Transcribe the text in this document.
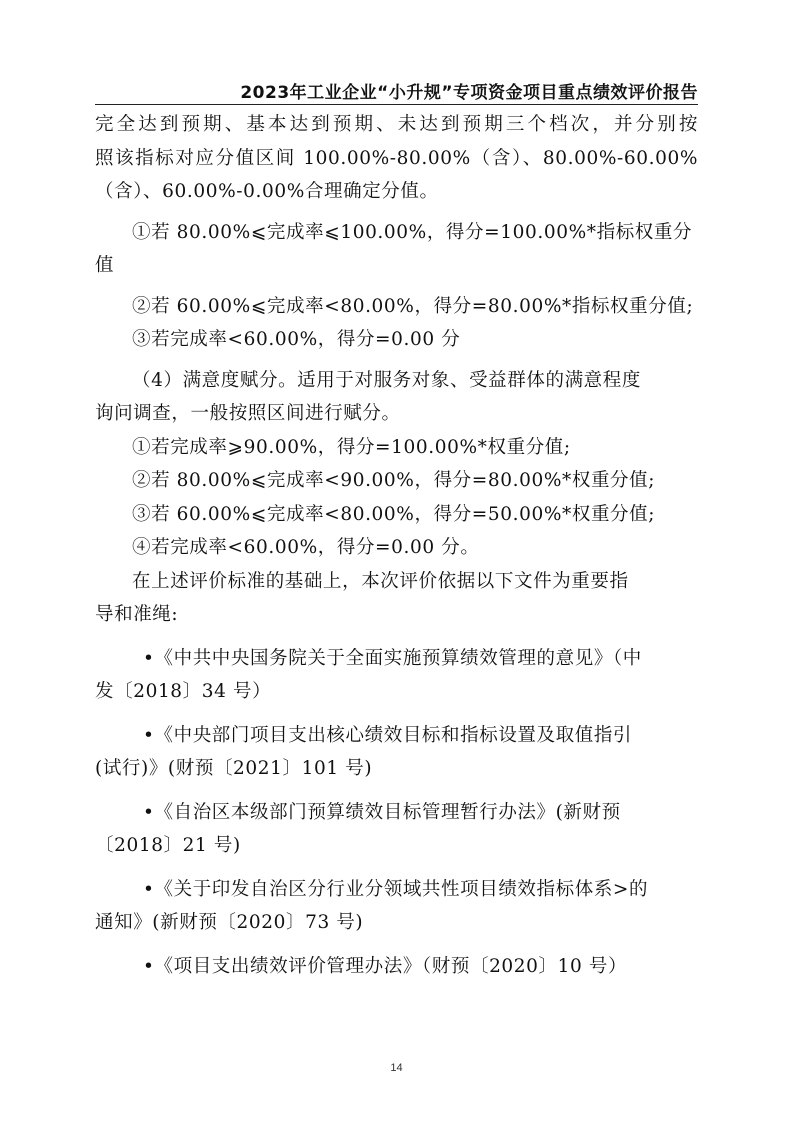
2023年工业企业“小升规”专项资金项目重点绩效评价报告
完全达到预期、基本达到预期、未达到预期三个档次，并分别按
照该指标对应分值区间 100.00%-80.00%（含）、80.00%-60.00%
（含）、60.00%-0.00%合理确定分值。
①若 80.00%⩽完成率⩽100.00%，得分=100.00%*指标权重分
值
②若 60.00%⩽完成率<80.00%，得分=80.00%*指标权重分值;
③若完成率<60.00%，得分=0.00 分
（4）满意度赋分。适用于对服务对象、受益群体的满意程度
询问调查，一般按照区间进行赋分。
①若完成率⩾90.00%，得分=100.00%*权重分值;
②若 80.00%⩽完成率<90.00%，得分=80.00%*权重分值;
③若 60.00%⩽完成率<80.00%，得分=50.00%*权重分值;
④若完成率<60.00%，得分=0.00 分。
在上述评价标准的基础上，本次评价依据以下文件为重要指
导和准绳:
•《中共中央国务院关于全面实施预算绩效管理的意见》（中
发〔2018〕34 号）
•《中央部门项目支出核心绩效目标和指标设置及取值指引
(试行)》(财预〔2021〕101 号)
•《自治区本级部门预算绩效目标管理暂行办法》(新财预
〔2018〕21 号)
•《关于印发自治区分行业分领域共性项目绩效指标体系>的
通知》(新财预〔2020〕73 号)
•《项目支出绩效评价管理办法》（财预〔2020〕10 号）
14
